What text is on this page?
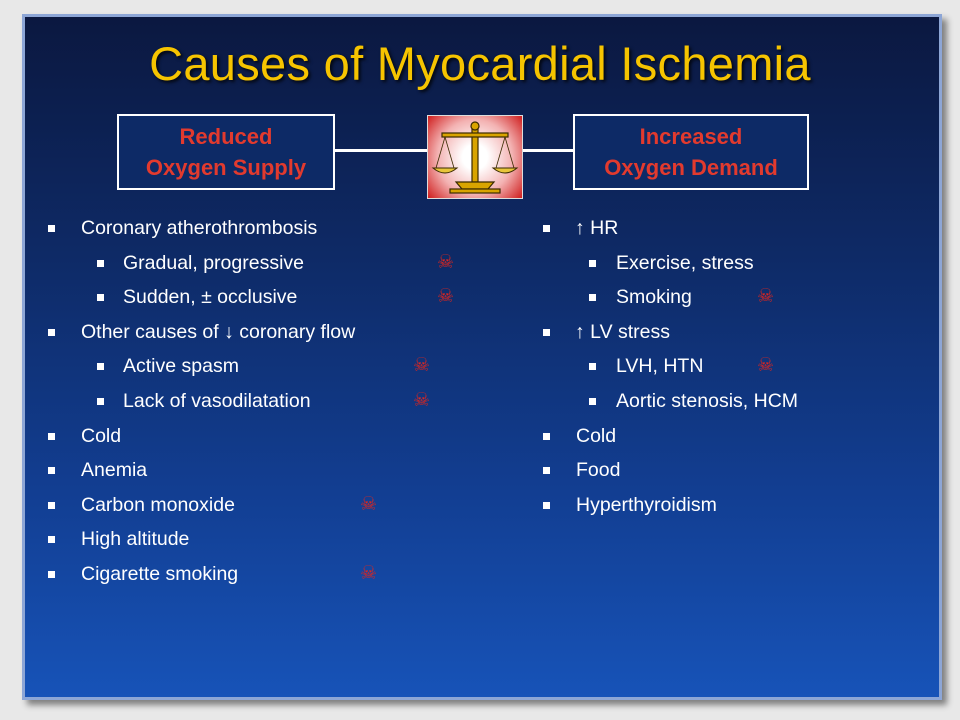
Causes of Myocardial Ischemia
Reduced
Oxygen Supply
Increased
Oxygen Demand
Coronary atherothrombosis
Gradual, progressive	☠
Sudden, ± occlusive	☠
Other causes of ↓ coronary flow
Active spasm	☠
Lack of vasodilatation	☠
Cold
Anemia
Carbon monoxide	☠
High altitude
Cigarette smoking	☠
↑ HR
Exercise, stress
Smoking	☠
↑ LV stress
LVH, HTN	☠
Aortic stenosis, HCM
Cold
Food
Hyperthyroidism
